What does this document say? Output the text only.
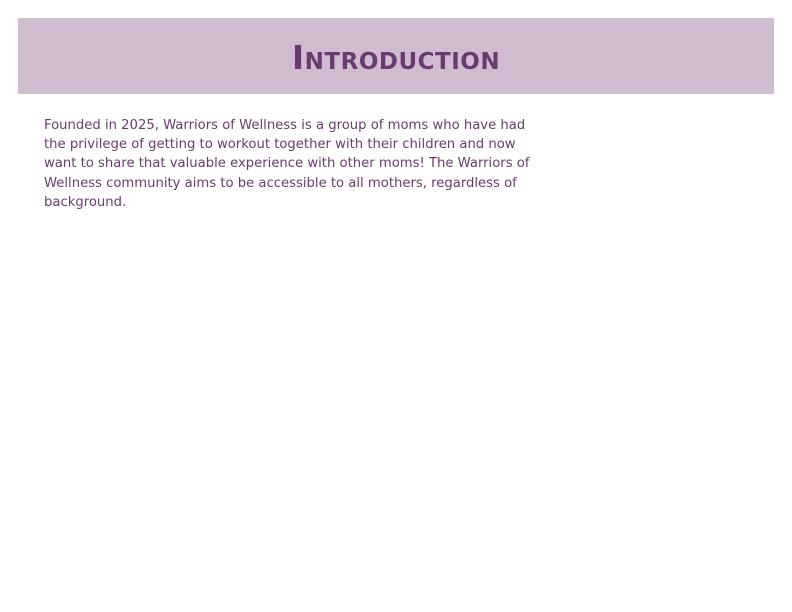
Introduction

Founded in 2025, Warriors of Wellness is a group of moms who have had
the privilege of getting to workout together with their children and now
want to share that valuable experience with other moms! The Warriors of
Wellness community aims to be accessible to all mothers, regardless of
background.
